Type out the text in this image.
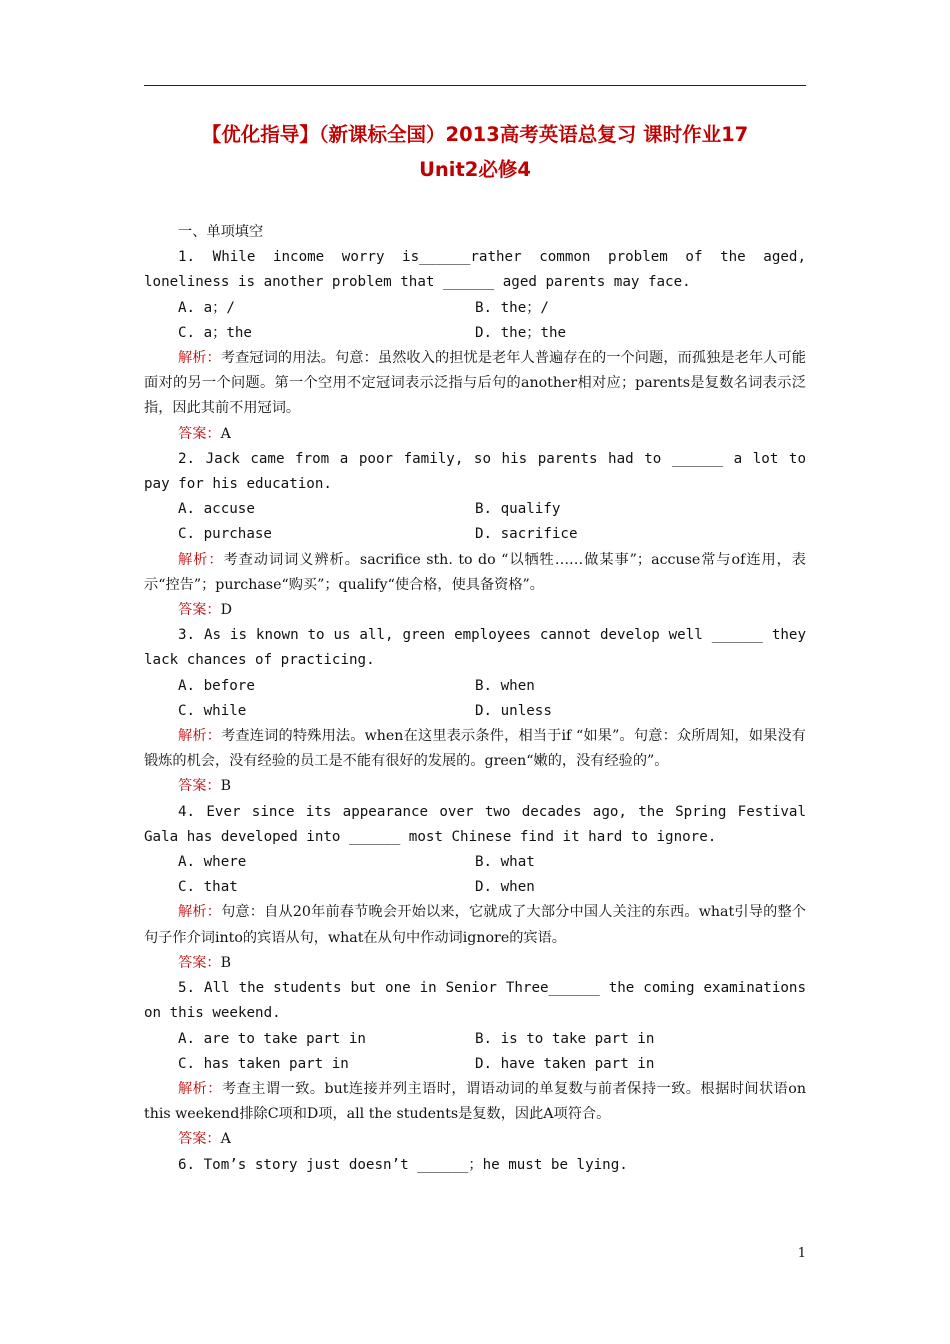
【优化指导】（新课标全国）2013高考英语总复习 课时作业17
Unit2必修4

一、单项填空

1. While income worry is______rather common problem of the aged, loneliness is another problem that ______ aged parents may face.

A. a；/	B. the；/
C. a；the	D. the；the

解析：考查冠词的用法。句意：虽然收入的担忧是老年人普遍存在的一个问题，而孤独是老年人可能面对的另一个问题。第一个空用不定冠词表示泛指与后句的another相对应；parents是复数名词表示泛指，因此其前不用冠词。

答案：A

2. Jack came from a poor family, so his parents had to ______ a lot to pay for his education.

A. accuse	B. qualify
C. purchase	D. sacrifice

解析：考查动词词义辨析。sacrifice sth. to do “以牺牲……做某事”；accuse常与of连用，表示“控告”；purchase“购买”；qualify“使合格，使具备资格”。

答案：D

3. As is known to us all, green employees cannot develop well ______ they lack chances of practicing.

A. before	B. when
C. while	D. unless

解析：考查连词的特殊用法。when在这里表示条件，相当于if “如果”。句意：众所周知，如果没有锻炼的机会，没有经验的员工是不能有很好的发展的。green“嫩的，没有经验的”。

答案：B

4. Ever since its appearance over two decades ago, the Spring Festival Gala has developed into ______ most Chinese find it hard to ignore.

A. where	B. what
C. that	D. when

解析：句意：自从20年前春节晚会开始以来，它就成了大部分中国人关注的东西。what引导的整个句子作介词into的宾语从句，what在从句中作动词ignore的宾语。

答案：B

5. All the students but one in Senior Three______ the coming examinations on this weekend.

A. are to take part in	B. is to take part in
C. has taken part in	D. have taken part in

解析：考查主谓一致。but连接并列主语时，谓语动词的单复数与前者保持一致。根据时间状语on this weekend排除C项和D项，all the students是复数，因此A项符合。

答案：A

6. Tom’s story just doesn’t ______；he must be lying.

1
